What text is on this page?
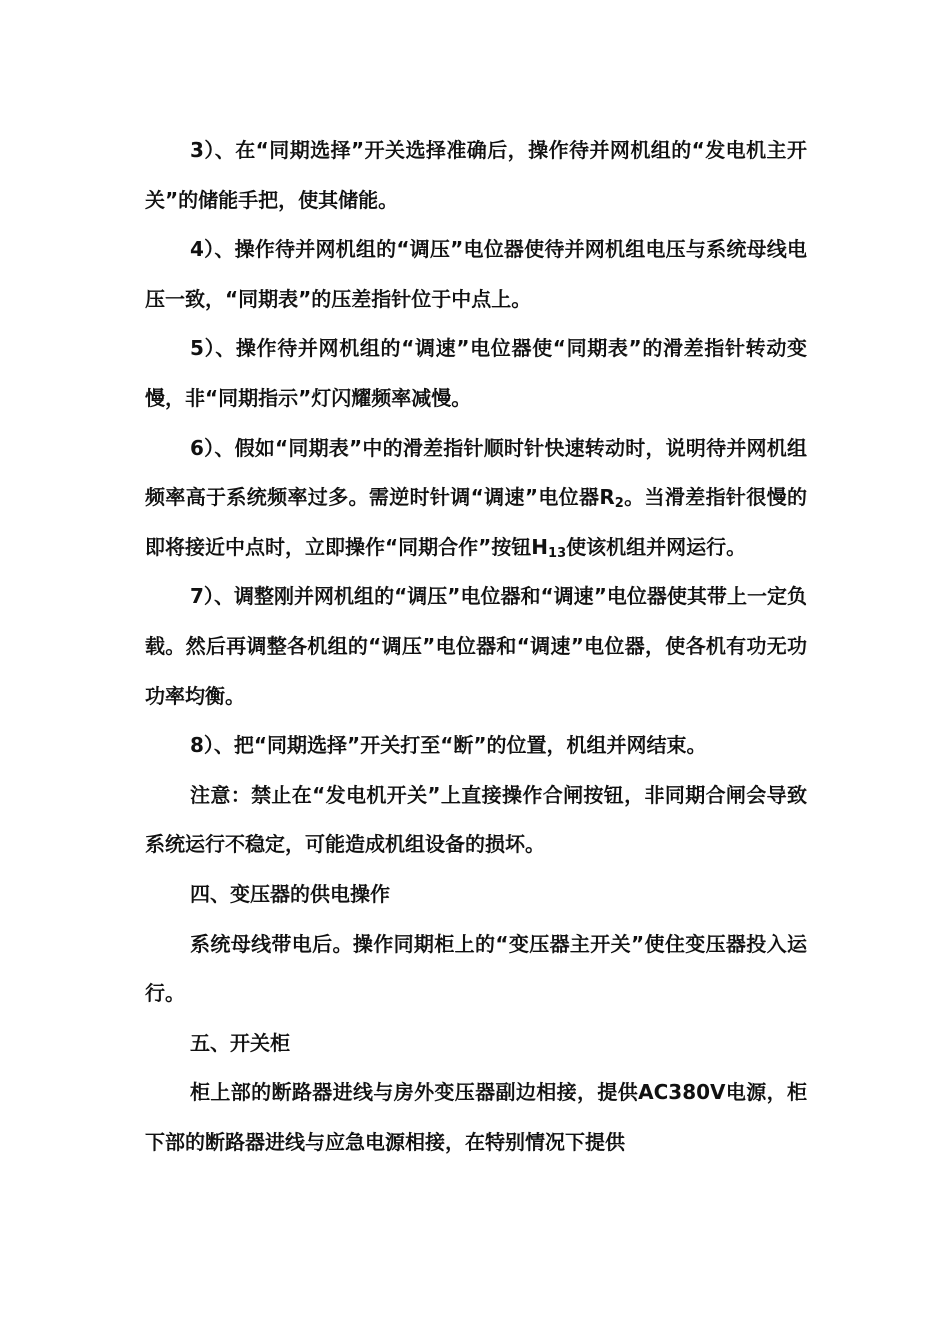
3）、在“同期选择”开关选择准确后，操作待并网机组的“发电机主开关”的储能手把，使其储能。

4）、操作待并网机组的“调压”电位器使待并网机组电压与系统母线电压一致，“同期表”的压差指针位于中点上。

5）、操作待并网机组的“调速”电位器使“同期表”的滑差指针转动变慢，非“同期指示”灯闪耀频率减慢。

6）、假如“同期表”中的滑差指针顺时针快速转动时，说明待并网机组频率高于系统频率过多。需逆时针调“调速”电位器$R_2$。当滑差指针很慢的即将接近中点时，立即操作“同期合作”按钮$H_{13}$使该机组并网运行。

7）、调整刚并网机组的“调压”电位器和“调速”电位器使其带上一定负载。然后再调整各机组的“调压”电位器和“调速”电位器，使各机有功无功功率均衡。

8）、把“同期选择”开关打至“断”的位置，机组并网结束。

注意：禁止在“发电机开关”上直接操作合闸按钮，非同期合闸会导致系统运行不稳定，可能造成机组设备的损坏。

四、变压器的供电操作

系统母线带电后。操作同期柜上的“变压器主开关”使住变压器投入运行。

五、开关柜

柜上部的断路器进线与房外变压器副边相接，提供AC380V电源，柜下部的断路器进线与应急电源相接，在特别情况下提供
